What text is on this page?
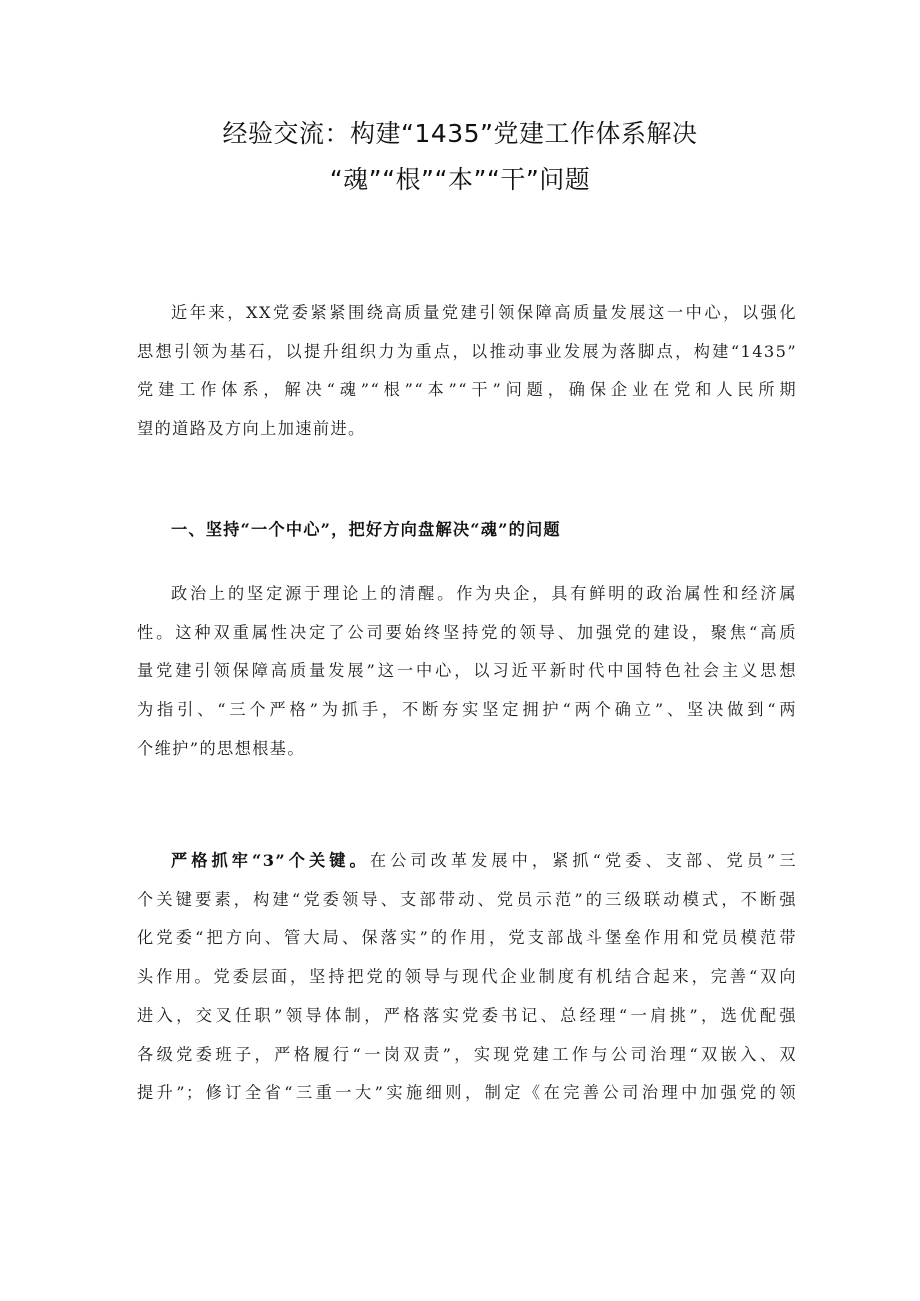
经验交流：构建“1435”党建工作体系解决
“魂”“根”“本”“干”问题
近年来，XX党委紧紧围绕高质量党建引领保障高质量发展这一中心，以强化
思想引领为基石，以提升组织力为重点，以推动事业发展为落脚点，构建“1435”
党建工作体系，解决“魂”“根”“本”“干”问题，确保企业在党和人民所期
望的道路及方向上加速前进。
一、坚持“一个中心”，把好方向盘解决“魂”的问题
政治上的坚定源于理论上的清醒。作为央企，具有鲜明的政治属性和经济属
性。这种双重属性决定了公司要始终坚持党的领导、加强党的建设，聚焦“高质
量党建引领保障高质量发展”这一中心，以习近平新时代中国特色社会主义思想
为指引、“三个严格”为抓手，不断夯实坚定拥护“两个确立”、坚决做到“两
个维护”的思想根基。
严格抓牢“3”个关键。在公司改革发展中，紧抓“党委、支部、党员”三
个关键要素，构建“党委领导、支部带动、党员示范”的三级联动模式，不断强
化党委“把方向、管大局、保落实”的作用，党支部战斗堡垒作用和党员模范带
头作用。党委层面，坚持把党的领导与现代企业制度有机结合起来，完善“双向
进入，交叉任职”领导体制，严格落实党委书记、总经理“一肩挑”，选优配强
各级党委班子，严格履行“一岗双责”，实现党建工作与公司治理“双嵌入、双
提升”；修订全省“三重一大”实施细则，制定《在完善公司治理中加强党的领
